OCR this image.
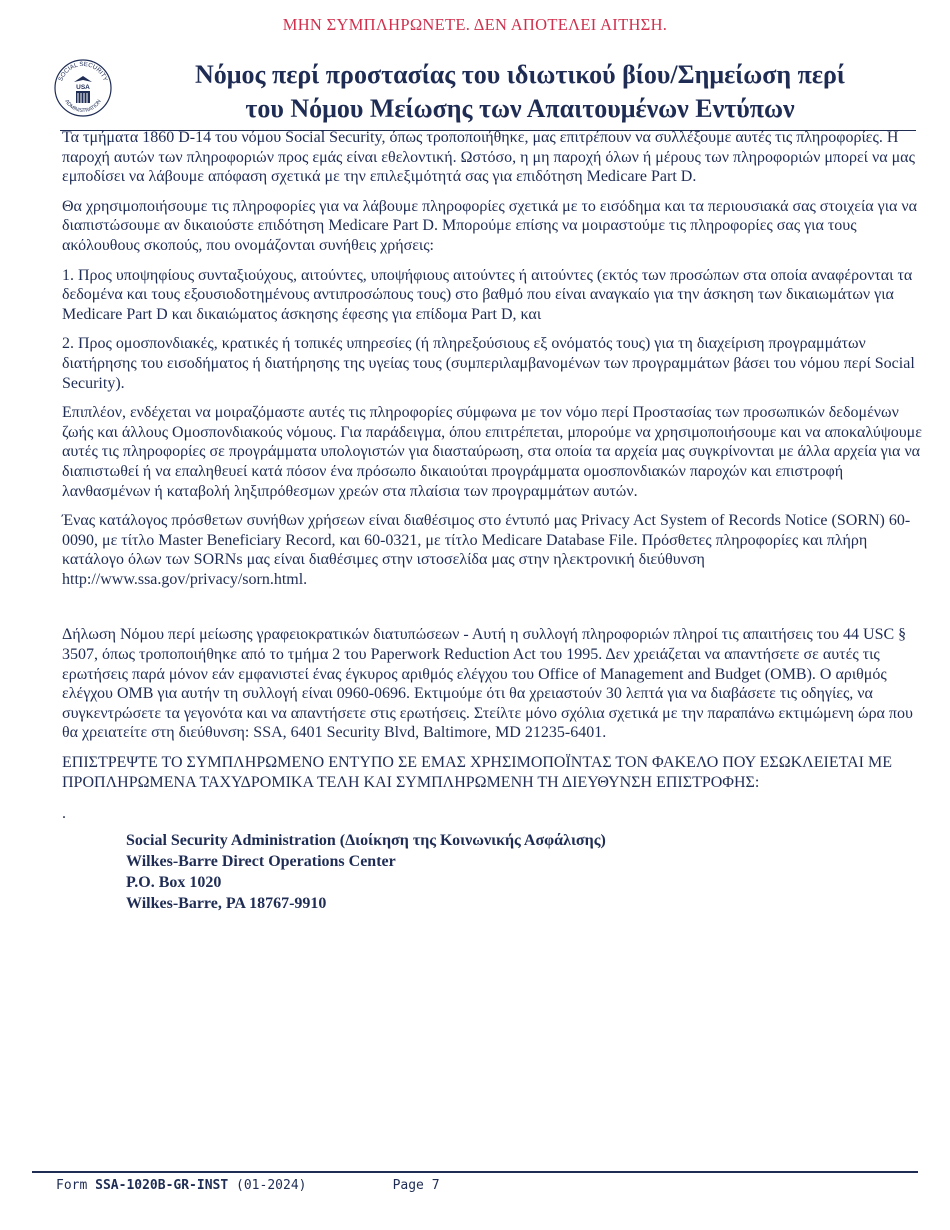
ΜΗΝ ΣΥΜΠΛΗΡΩΝΕΤΕ. ΔΕΝ ΑΠΟΤΕΛΕΙ ΑΙΤΗΣΗ.
SOCIAL SECURITY
ADMINISTRATION
USA	Νόμος περί προστασίας του ιδιωτικού βίου/Σημείωση περί
του Νόμου Μείωσης των Απαιτουμένων Εντύπων

Τα τμήματα 1860 D-14 του νόμου Social Security, όπως τροποποιήθηκε, μας επιτρέπουν να συλλέξουμε αυτές τις πληροφορίες. Η παροχή αυτών των πληροφοριών προς εμάς είναι εθελοντική. Ωστόσο, η μη παροχή όλων ή μέρους των πληροφοριών μπορεί να μας εμποδίσει να λάβουμε απόφαση σχετικά με την επιλεξιμότητά σας για επιδότηση Medicare Part D.

Θα χρησιμοποιήσουμε τις πληροφορίες για να λάβουμε πληροφορίες σχετικά με το εισόδημα και τα περιουσιακά σας στοιχεία για να διαπιστώσουμε αν δικαιούστε επιδότηση Medicare Part D. Μπορούμε επίσης να μοιραστούμε τις πληροφορίες σας για τους ακόλουθους σκοπούς, που ονομάζονται συνήθεις χρήσεις:

1. Προς υποψηφίους συνταξιούχους, αιτούντες, υποψήφιους αιτούντες ή αιτούντες (εκτός των προσώπων στα οποία αναφέρονται τα δεδομένα και τους εξουσιοδοτημένους αντιπροσώπους τους) στο βαθμό που είναι αναγκαίο για την άσκηση των δικαιωμάτων για Medicare Part D και δικαιώματος άσκησης έφεσης για επίδομα Part D, και

2. Προς ομοσπονδιακές, κρατικές ή τοπικές υπηρεσίες (ή πληρεξούσιους εξ ονόματός τους) για τη διαχείριση προγραμμάτων διατήρησης του εισοδήματος ή διατήρησης της υγείας τους (συμπεριλαμβανομένων των προγραμμάτων βάσει του νόμου περί Social Security).

Επιπλέον, ενδέχεται να μοιραζόμαστε αυτές τις πληροφορίες σύμφωνα με τον νόμο περί Προστασίας των προσωπικών δεδομένων ζωής και άλλους Ομοσπονδιακούς νόμους. Για παράδειγμα, όπου επιτρέπεται, μπορούμε να χρησιμοποιήσουμε και να αποκαλύψουμε αυτές τις πληροφορίες σε προγράμματα υπολογιστών για διασταύρωση, στα οποία τα αρχεία μας συγκρίνονται με άλλα αρχεία για να διαπιστωθεί ή να επαληθευεί κατά πόσον ένα πρόσωπο δικαιούται προγράμματα ομοσπονδιακών παροχών και επιστροφή λανθασμένων ή καταβολή ληξιπρόθεσμων χρεών στα πλαίσια των προγραμμάτων αυτών.

Ένας κατάλογος πρόσθετων συνήθων χρήσεων είναι διαθέσιμος στο έντυπό μας Privacy Act System of Records Notice (SORN) 60-0090, με τίτλο Master Beneficiary Record, και 60-0321, με τίτλο Medicare Database File. Πρόσθετες πληροφορίες και πλήρη κατάλογο όλων των SORNs μας είναι διαθέσιμες στην ιστοσελίδα μας στην ηλεκτρονική διεύθυνση http://www.ssa.gov/privacy/sorn.html.

Δήλωση Νόμου περί μείωσης γραφειοκρατικών διατυπώσεων - Αυτή η συλλογή πληροφοριών πληροί τις απαιτήσεις του 44 USC § 3507, όπως τροποποιήθηκε από το τμήμα 2 του Paperwork Reduction Act του 1995. Δεν χρειάζεται να απαντήσετε σε αυτές τις ερωτήσεις παρά μόνον εάν εμφανιστεί ένας έγκυρος αριθμός ελέγχου του Office of Management and Budget (OMB). Ο αριθμός ελέγχου OMB για αυτήν τη συλλογή είναι 0960-0696. Εκτιμούμε ότι θα χρειαστούν 30 λεπτά για να διαβάσετε τις οδηγίες, να συγκεντρώσετε τα γεγονότα και να απαντήσετε στις ερωτήσεις. Στείλτε μόνο σχόλια σχετικά με την παραπάνω εκτιμώμενη ώρα που θα χρειατείτε στη διεύθυνση: SSA, 6401 Security Blvd, Baltimore, MD 21235-6401.

ΕΠΙΣΤΡΕΨΤΕ ΤΟ ΣΥΜΠΛΗΡΩΜΕΝΟ ΕΝΤΥΠΟ ΣΕ ΕΜΑΣ ΧΡΗΣΙΜΟΠΟΪΝΤΑΣ ΤΟΝ ΦΑΚΕΛΟ ΠΟΥ ΕΣΩΚΛΕΙΕΤΑΙ ΜΕ ΠΡΟΠΛΗΡΩΜΕΝΑ ΤΑΧΥΔΡΟΜΙΚΑ ΤΕΛΗ ΚΑΙ ΣΥΜΠΛΗΡΩΜΕΝΗ ΤΗ ΔΙΕΥΘΥΝΣΗ ΕΠΙΣΤΡΟΦΗΣ:

.

Social Security Administration (Διοίκηση της Κοινωνικής Ασφάλισης)
Wilkes-Barre Direct Operations Center
P.O. Box 1020
Wilkes-Barre, PA 18767-9910
Form SSA-1020B-GR-INST (01-2024)	Page 7
